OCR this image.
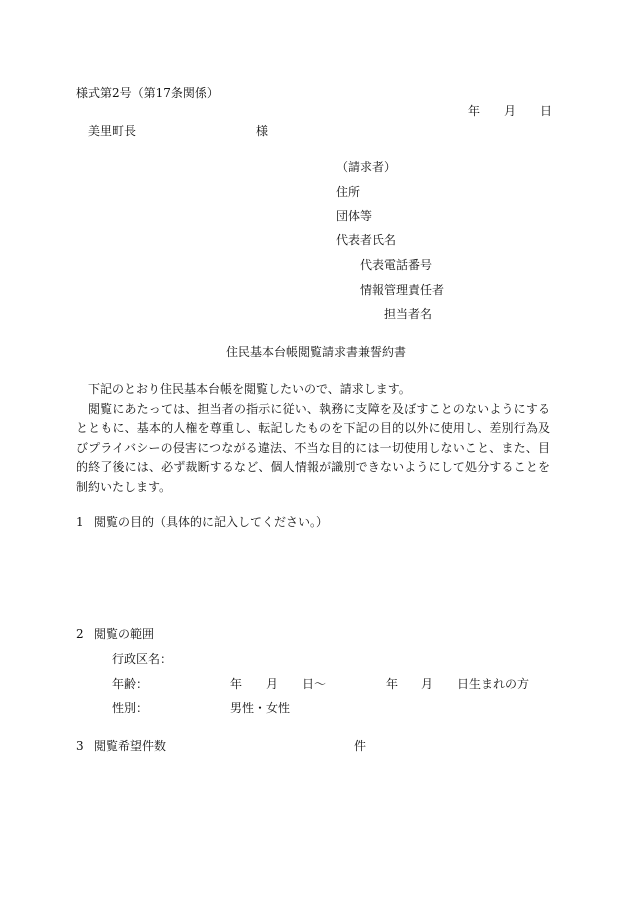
様式第2号（第17条関係）
年 月 日
美里町長	様
（請求者）
住所
団体等
代表者氏名
代表電話番号
情報管理責任者
担当者名
住民基本台帳閲覧請求書兼誓約書

下記のとおり住民基本台帳を閲覧したいので、請求します。

閲覧にあたっては、担当者の指示に従い、執務に支障を及ぼすことのないようにするとともに、基本的人権を尊重し、転記したものを下記の目的以外に使用し、差別行為及びプライバシーの侵害につながる違法、不当な目的には一切使用しないこと、また、目的終了後には、必ず裁断するなど、個人情報が識別できないようにして処分することを制約いたします。

1 閲覧の目的（具体的に記入してください。）
2 閲覧の範囲
行政区名：
年齢：	年 月 日～	年 月 日生まれの方
性別：	男性・女性
3 閲覧希望件数	件
